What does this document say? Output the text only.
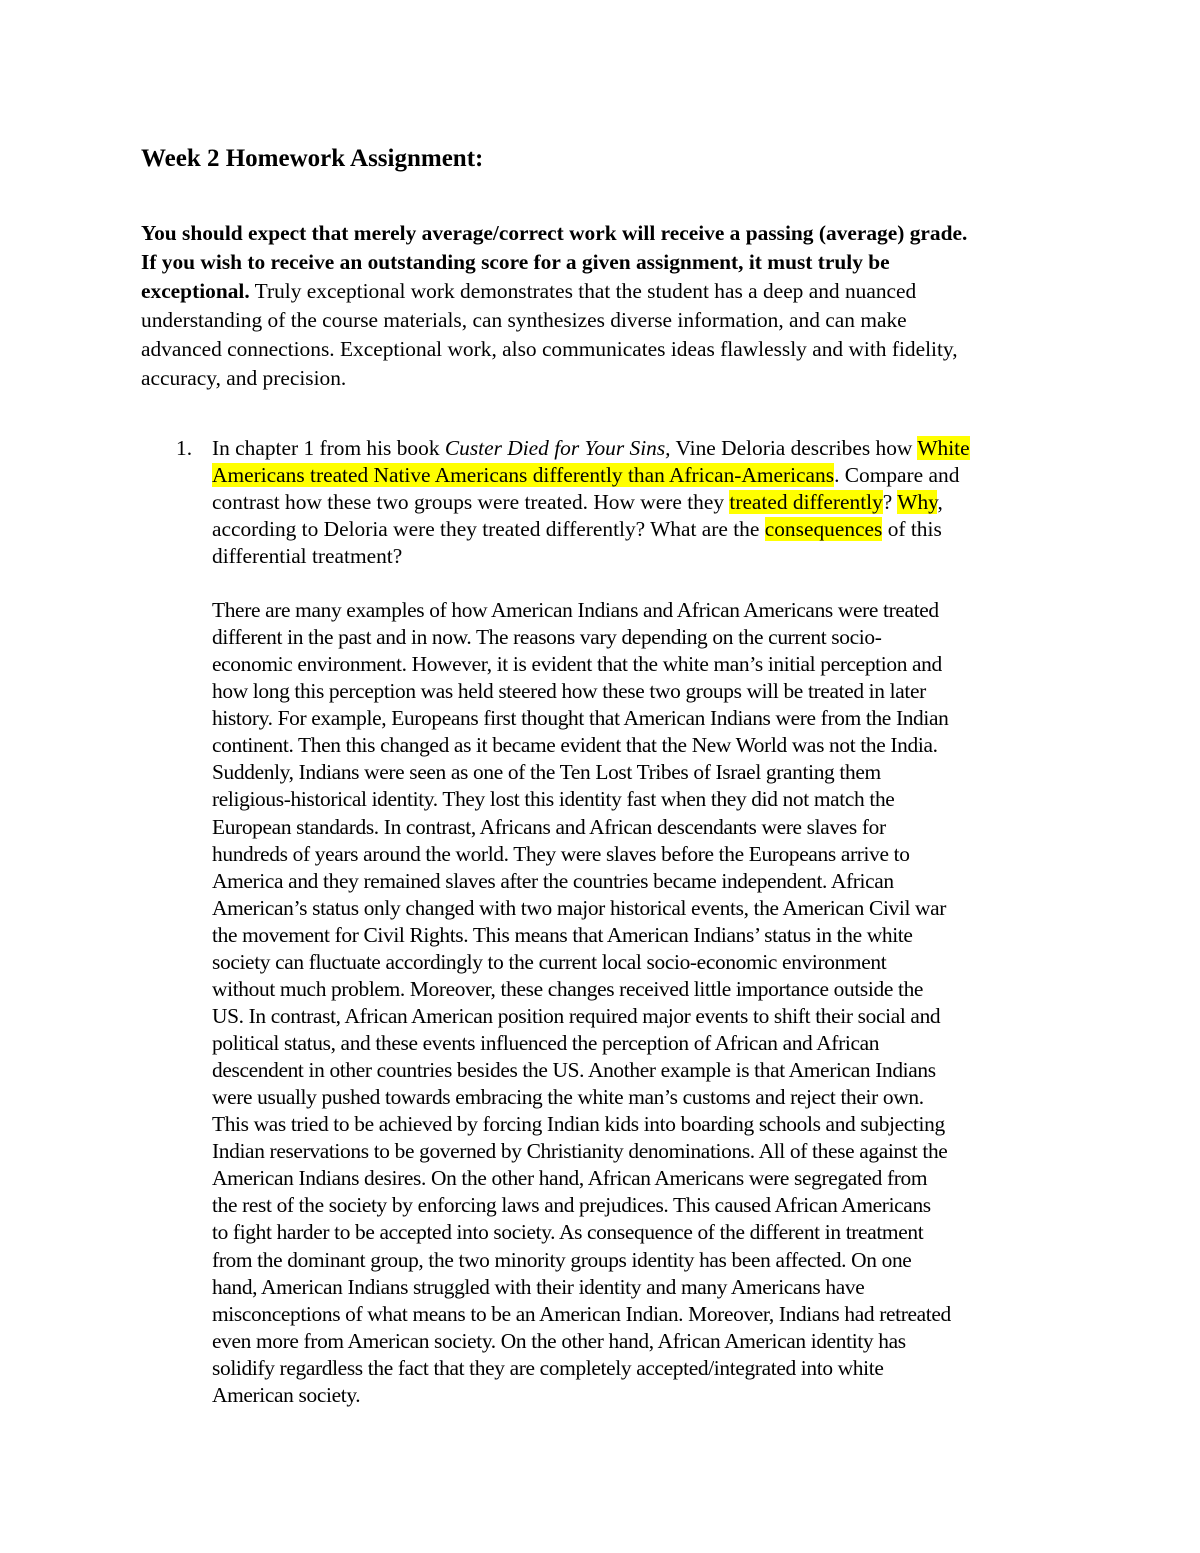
Week 2 Homework Assignment:
You should expect that merely average/correct work will receive a passing (average) grade.
If you wish to receive an outstanding score for a given assignment, it must truly be
exceptional. Truly exceptional work demonstrates that the student has a deep and nuanced
understanding of the course materials, can synthesizes diverse information, and can make
advanced connections. Exceptional work, also communicates ideas flawlessly and with fidelity,
accuracy, and precision.
1. In chapter 1 from his book Custer Died for Your Sins, Vine Deloria describes how White
Americans treated Native Americans differently than African-Americans. Compare and
contrast how these two groups were treated. How were they treated differently? Why,
according to Deloria were they treated differently? What are the consequences of this
differential treatment?
There are many examples of how American Indians and African Americans were treated
different in the past and in now. The reasons vary depending on the current socio-
economic environment. However, it is evident that the white man’s initial perception and
how long this perception was held steered how these two groups will be treated in later
history. For example, Europeans first thought that American Indians were from the Indian
continent. Then this changed as it became evident that the New World was not the India.
Suddenly, Indians were seen as one of the Ten Lost Tribes of Israel granting them
religious-historical identity. They lost this identity fast when they did not match the
European standards. In contrast, Africans and African descendants were slaves for
hundreds of years around the world. They were slaves before the Europeans arrive to
America and they remained slaves after the countries became independent. African
American’s status only changed with two major historical events, the American Civil war
the movement for Civil Rights. This means that American Indians’ status in the white
society can fluctuate accordingly to the current local socio-economic environment
without much problem. Moreover, these changes received little importance outside the
US. In contrast, African American position required major events to shift their social and
political status, and these events influenced the perception of African and African
descendent in other countries besides the US. Another example is that American Indians
were usually pushed towards embracing the white man’s customs and reject their own.
This was tried to be achieved by forcing Indian kids into boarding schools and subjecting
Indian reservations to be governed by Christianity denominations. All of these against the
American Indians desires. On the other hand, African Americans were segregated from
the rest of the society by enforcing laws and prejudices. This caused African Americans
to fight harder to be accepted into society. As consequence of the different in treatment
from the dominant group, the two minority groups identity has been affected. On one
hand, American Indians struggled with their identity and many Americans have
misconceptions of what means to be an American Indian. Moreover, Indians had retreated
even more from American society. On the other hand, African American identity has
solidify regardless the fact that they are completely accepted/integrated into white
American society.
